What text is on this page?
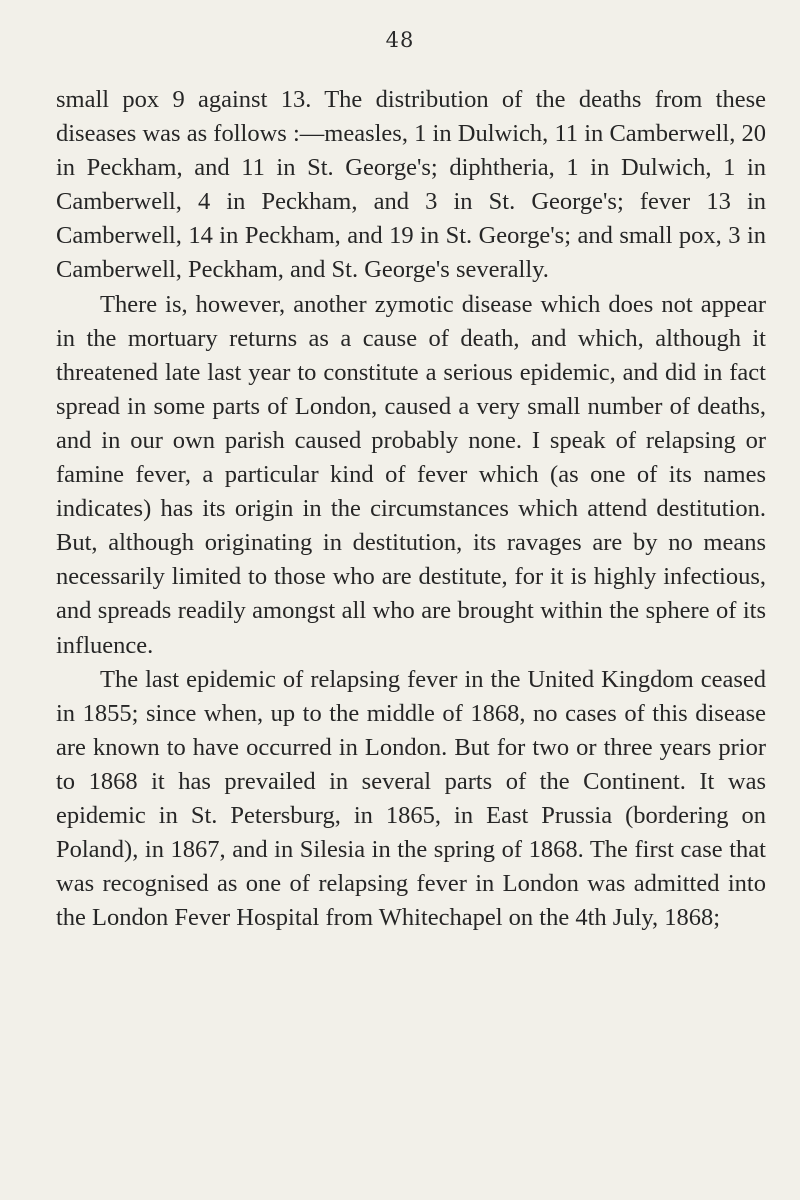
48

small pox 9 against 13. The distribution of the deaths from these diseases was as follows :—measles, 1 in Dulwich, 11 in Camberwell, 20 in Peckham, and 11 in St. George's; diphtheria, 1 in Dulwich, 1 in Camberwell, 4 in Peckham, and 3 in St. George's; fever 13 in Camberwell, 14 in Peckham, and 19 in St. George's; and small pox, 3 in Camberwell, Peckham, and St. George's severally.

There is, however, another zymotic disease which does not appear in the mortuary returns as a cause of death, and which, although it threatened late last year to constitute a serious epidemic, and did in fact spread in some parts of London, caused a very small number of deaths, and in our own parish caused probably none. I speak of relapsing or famine fever, a particular kind of fever which (as one of its names indicates) has its origin in the circumstances which attend destitution. But, although originating in destitution, its ravages are by no means necessarily limited to those who are destitute, for it is highly infectious, and spreads readily amongst all who are brought within the sphere of its influence.

The last epidemic of relapsing fever in the United Kingdom ceased in 1855; since when, up to the middle of 1868, no cases of this disease are known to have occurred in London. But for two or three years prior to 1868 it has prevailed in several parts of the Continent. It was epidemic in St. Petersburg, in 1865, in East Prussia (bordering on Poland), in 1867, and in Silesia in the spring of 1868. The first case that was recognised as one of relapsing fever in London was admitted into the London Fever Hospital from Whitechapel on the 4th July, 1868;
